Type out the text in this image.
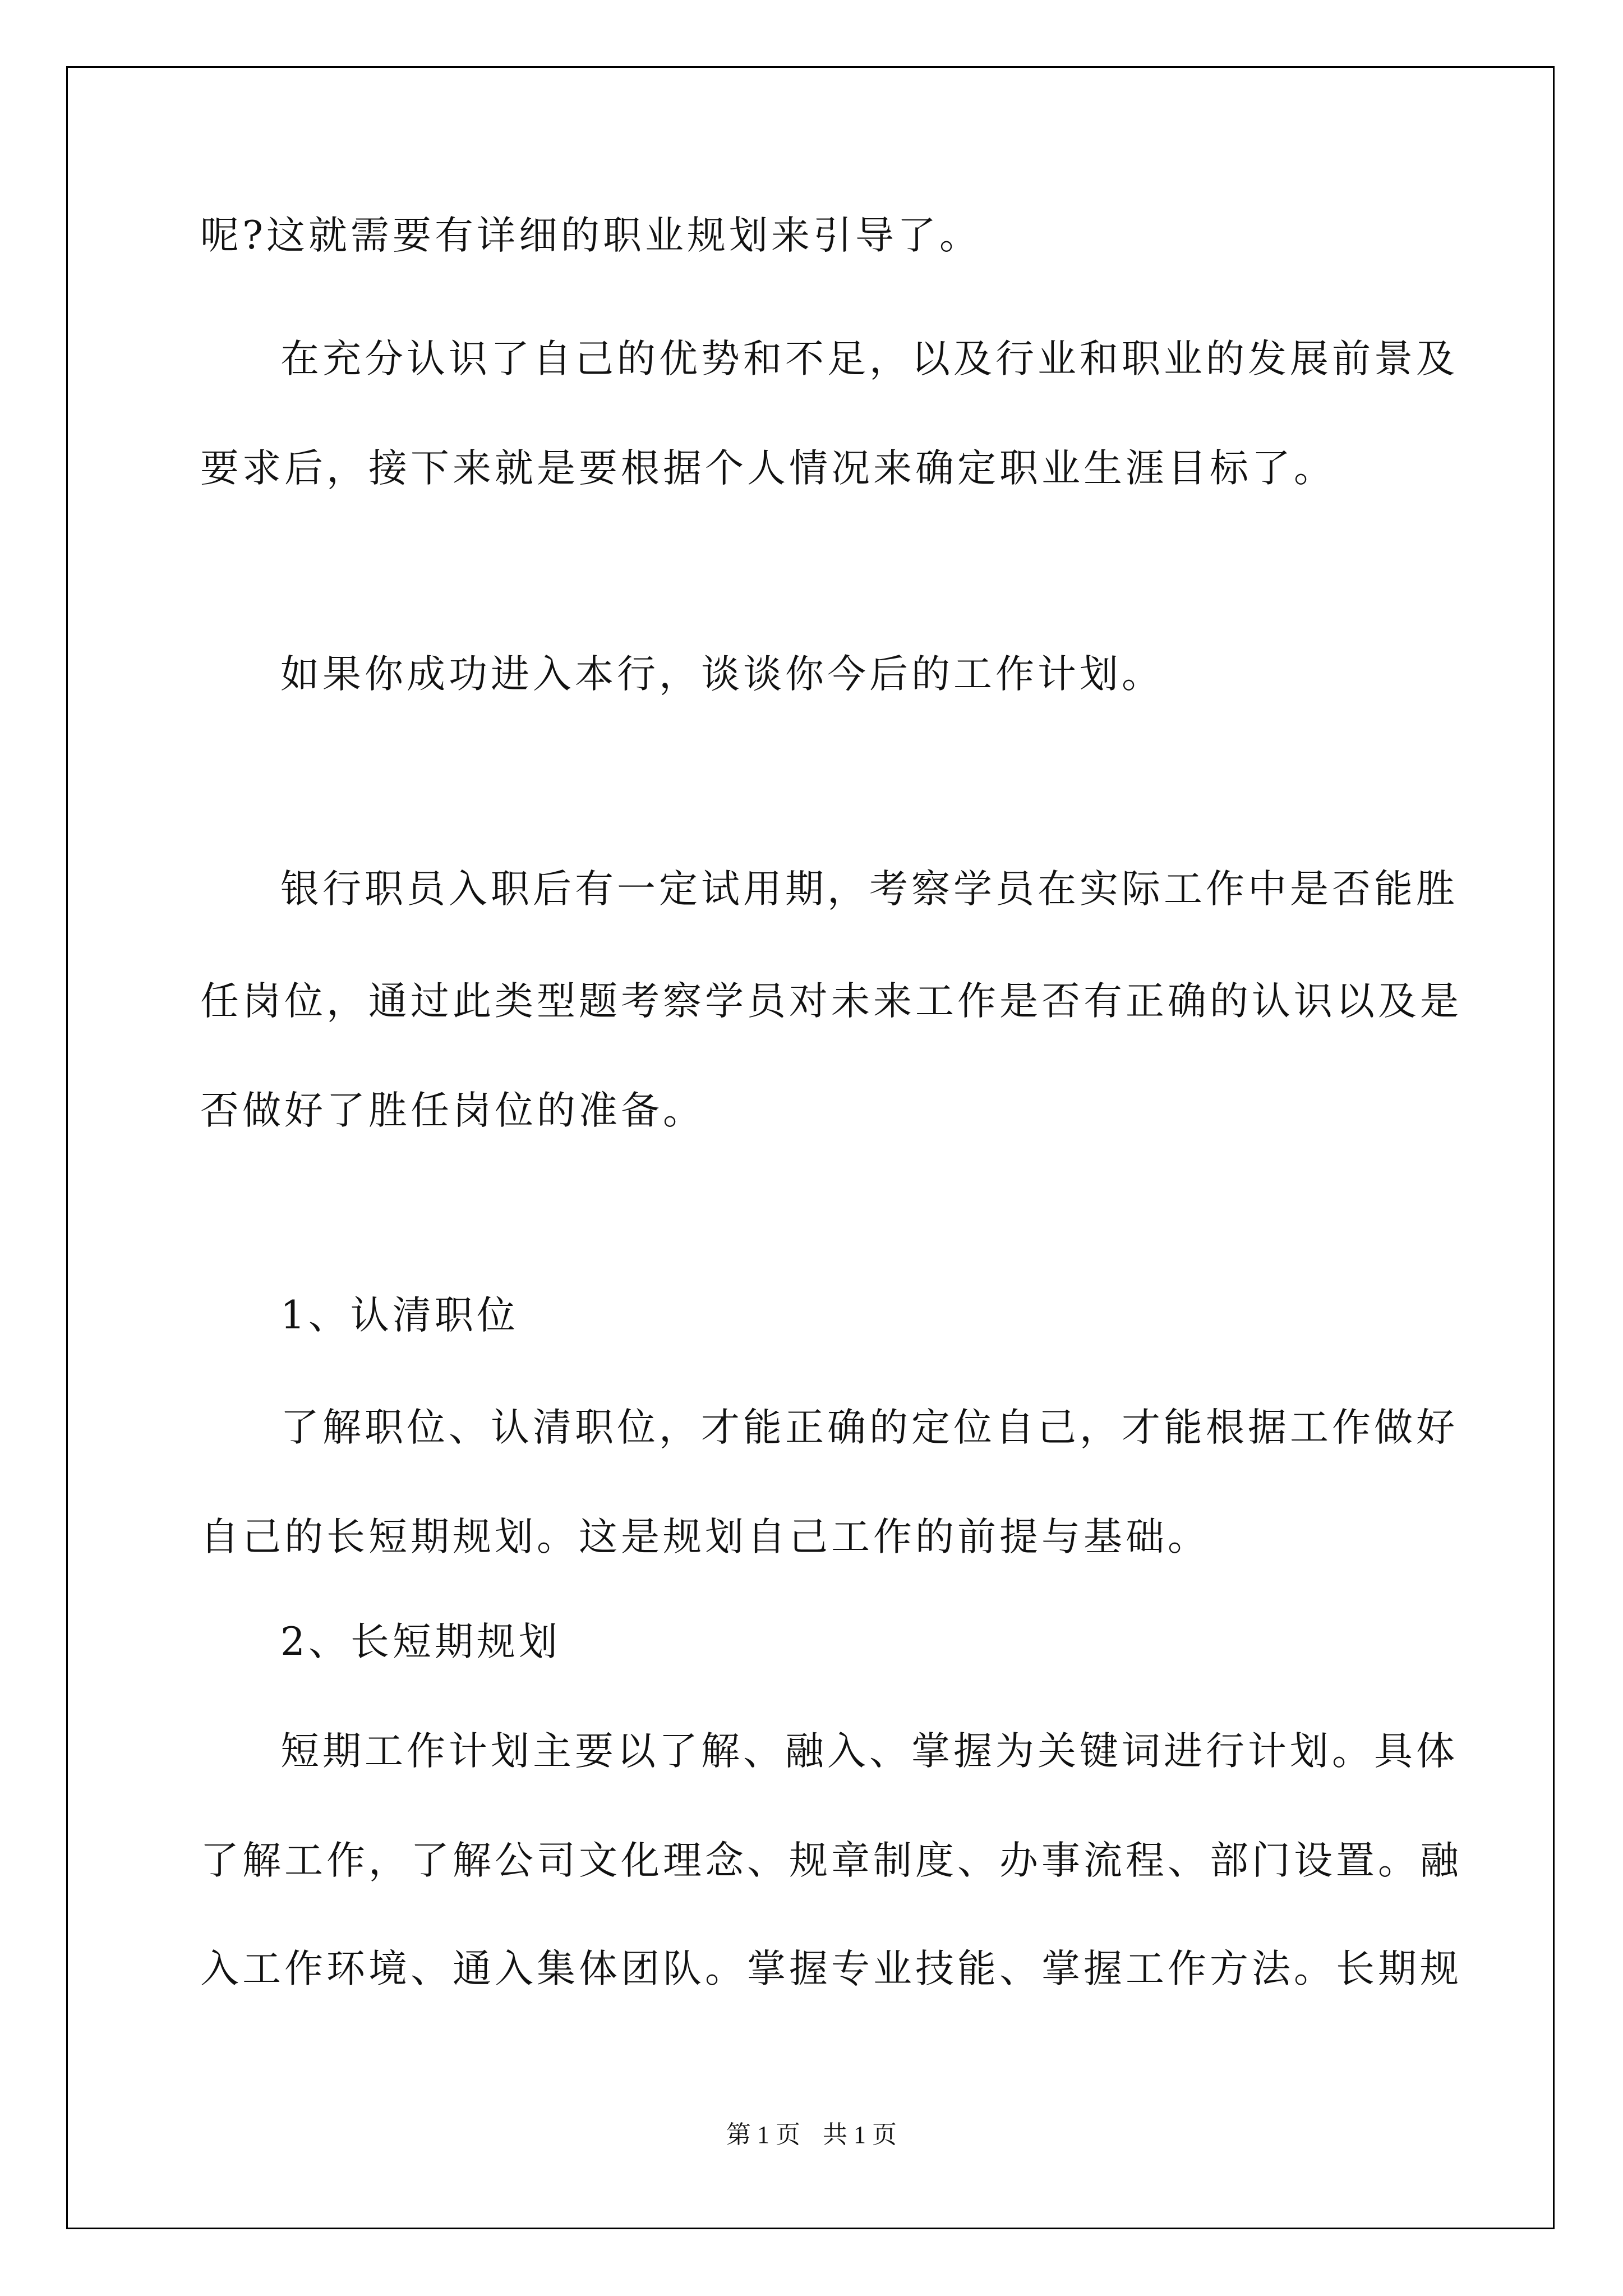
呢?这就需要有详细的职业规划来引导了。
在充分认识了自己的优势和不足，以及行业和职业的发展前景及
要求后，接下来就是要根据个人情况来确定职业生涯目标了。
如果你成功进入本行，谈谈你今后的工作计划。
银行职员入职后有一定试用期，考察学员在实际工作中是否能胜
任岗位，通过此类型题考察学员对未来工作是否有正确的认识以及是
否做好了胜任岗位的准备。
1、认清职位
了解职位、认清职位，才能正确的定位自己，才能根据工作做好
自己的长短期规划。这是规划自己工作的前提与基础。
2、长短期规划
短期工作计划主要以了解、融入、掌握为关键词进行计划。具体
了解工作，了解公司文化理念、规章制度、办事流程、部门设置。融
入工作环境、通入集体团队。掌握专业技能、掌握工作方法。长期规
第 1 页 共 1 页
